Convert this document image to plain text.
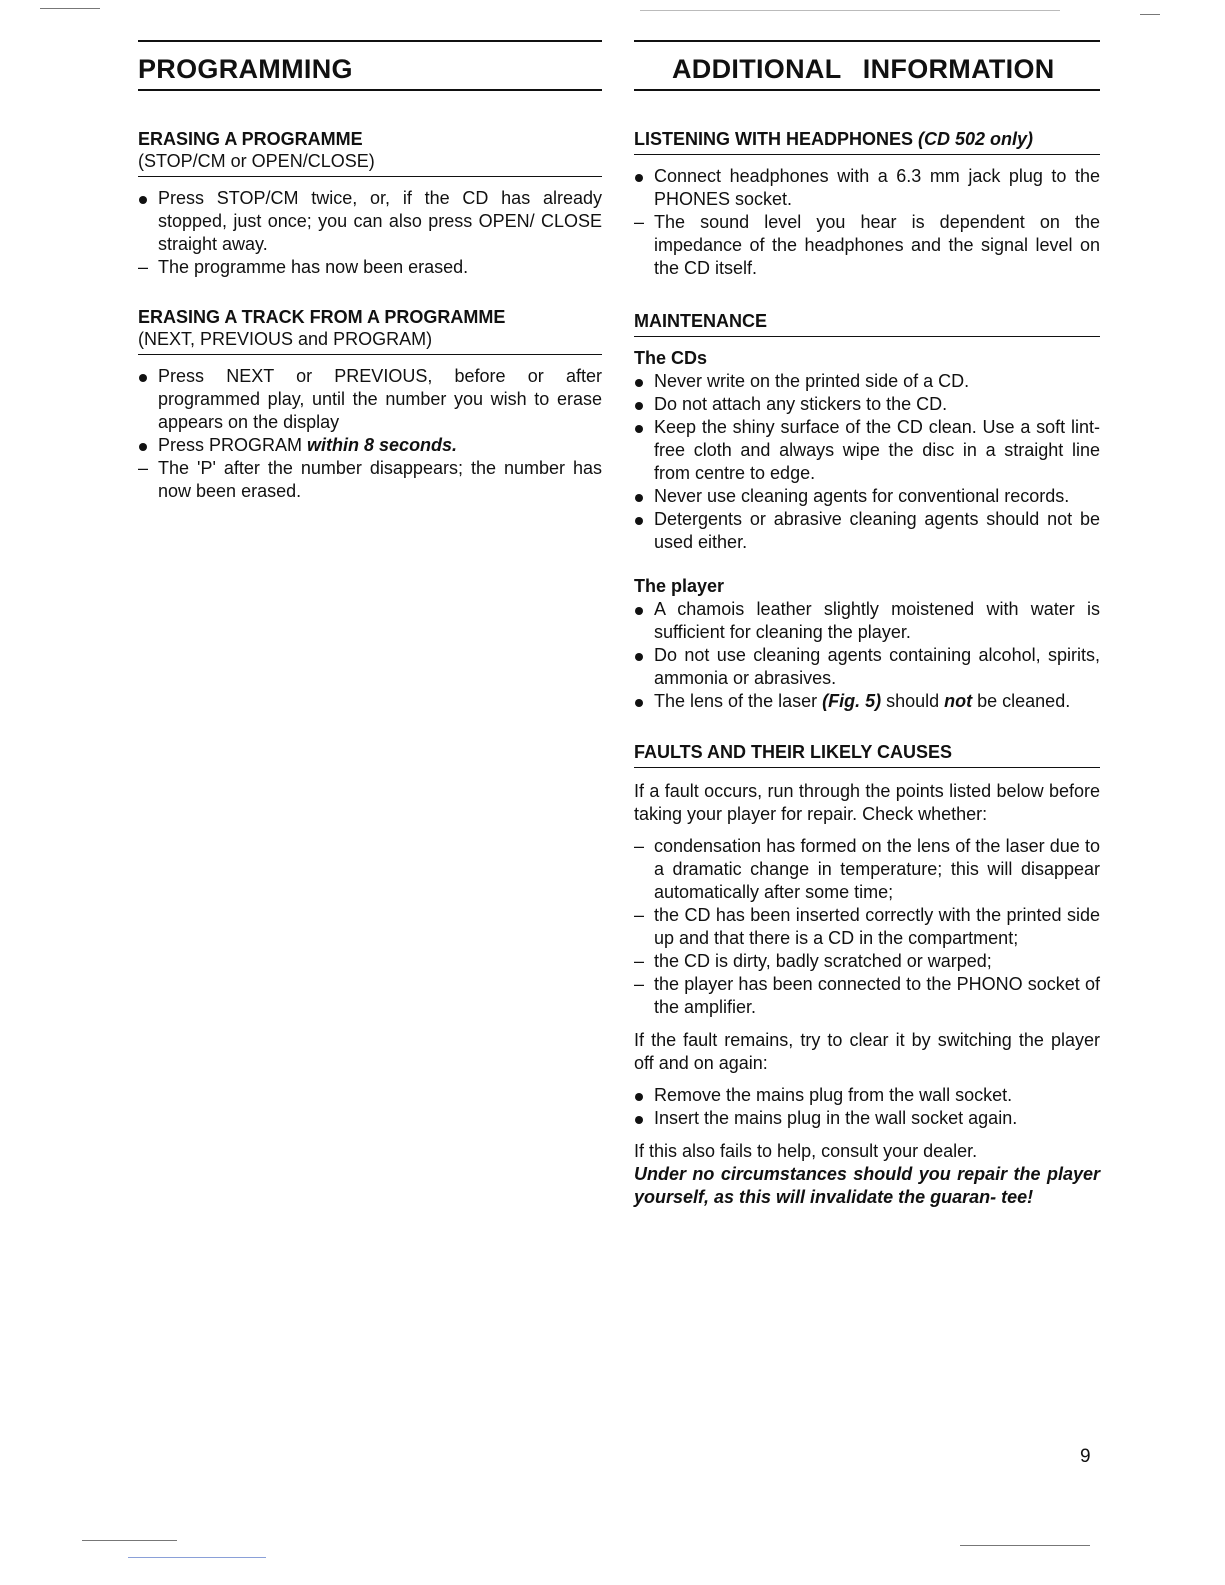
PROGRAMMING

ERASING A PROGRAMME

(STOP/CM or OPEN/CLOSE)

Press STOP/CM twice, or, if the CD has already stopped, just once; you can also press OPEN/ CLOSE straight away.

– The programme has now been erased.

ERASING A TRACK FROM A PROGRAMME

(NEXT, PREVIOUS and PROGRAM)

Press NEXT or PREVIOUS, before or after programmed play, until the number you wish to erase appears on the display

Press PROGRAM within 8 seconds.

– The 'P' after the number disappears; the number has now been erased.

ADDITIONAL INFORMATION

LISTENING WITH HEADPHONES (CD 502 only)

Connect headphones with a 6.3 mm jack plug to the PHONES socket.

– The sound level you hear is dependent on the impedance of the headphones and the signal level on the CD itself.

MAINTENANCE

The CDs

Never write on the printed side of a CD.

Do not attach any stickers to the CD.

Keep the shiny surface of the CD clean. Use a soft lint-free cloth and always wipe the disc in a straight line from centre to edge.

Never use cleaning agents for conventional records.

Detergents or abrasive cleaning agents should not be used either.

The player

A chamois leather slightly moistened with water is sufficient for cleaning the player.

Do not use cleaning agents containing alcohol, spirits, ammonia or abrasives.

The lens of the laser (Fig. 5) should not be cleaned.

FAULTS AND THEIR LIKELY CAUSES

If a fault occurs, run through the points listed below before taking your player for repair. Check whether:

– condensation has formed on the lens of the laser due to a dramatic change in temperature; this will disappear automatically after some time;

– the CD has been inserted correctly with the printed side up and that there is a CD in the compartment;

– the CD is dirty, badly scratched or warped;

– the player has been connected to the PHONO socket of the amplifier.

If the fault remains, try to clear it by switching the player off and on again:

Remove the mains plug from the wall socket.

Insert the mains plug in the wall socket again.

If this also fails to help, consult your dealer.

Under no circumstances should you repair the player yourself, as this will invalidate the guaran- tee!

9
